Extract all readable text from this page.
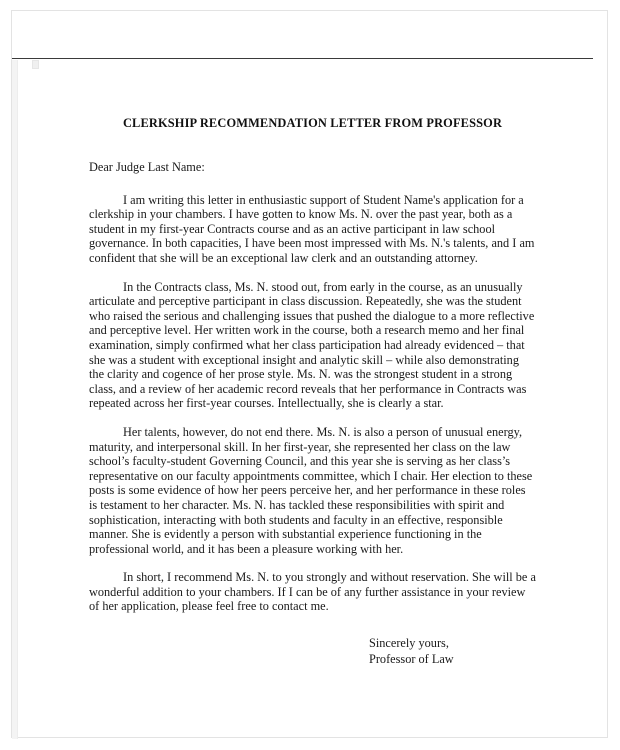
CLERKSHIP RECOMMENDATION LETTER FROM PROFESSOR
Dear Judge Last Name:

I am writing this letter in enthusiastic support of Student Name's application for a clerkship in your chambers. I have gotten to know Ms. N. over the past year, both as a student in my first-year Contracts course and as an active participant in law school governance. In both capacities, I have been most impressed with Ms. N.'s talents, and I am confident that she will be an exceptional law clerk and an outstanding attorney.

In the Contracts class, Ms. N. stood out, from early in the course, as an unusually articulate and perceptive participant in class discussion. Repeatedly, she was the student who raised the serious and challenging issues that pushed the dialogue to a more reflective and perceptive level. Her written work in the course, both a research memo and her final examination, simply confirmed what her class participation had already evidenced – that she was a student with exceptional insight and analytic skill – while also demonstrating the clarity and cogence of her prose style. Ms. N. was the strongest student in a strong class, and a review of her academic record reveals that her performance in Contracts was repeated across her first-year courses. Intellectually, she is clearly a star.

Her talents, however, do not end there. Ms. N. is also a person of unusual energy, maturity, and interpersonal skill. In her first-year, she represented her class on the law school’s faculty-student Governing Council, and this year she is serving as her class’s representative on our faculty appointments committee, which I chair. Her election to these posts is some evidence of how her peers perceive her, and her performance in these roles is testament to her character. Ms. N. has tackled these responsibilities with spirit and sophistication, interacting with both students and faculty in an effective, responsible manner. She is evidently a person with substantial experience functioning in the professional world, and it has been a pleasure working with her.

In short, I recommend Ms. N. to you strongly and without reservation. She will be a wonderful addition to your chambers. If I can be of any further assistance in your review of her application, please feel free to contact me.

Sincerely yours,
Professor of Law
